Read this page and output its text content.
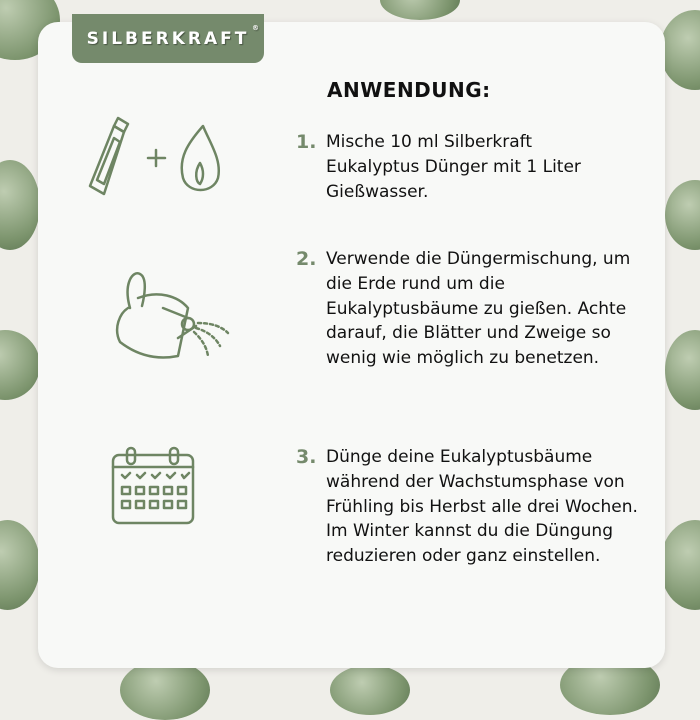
SILBERKRAFT
®
ANWENDUNG:
1. Mische 10 ml Silberkraft Eukalyptus Dünger mit 1 Liter Gießwasser.
2. Verwende die Düngermischung, um die Erde rund um die Eukalyptusbäume zu gießen. Achte darauf, die Blätter und Zweige so wenig wie möglich zu benetzen.
3. Dünge deine Eukalyptusbäume während der Wachstumsphase von Frühling bis Herbst alle drei Wochen. Im Winter kannst du die Düngung reduzieren oder ganz einstellen.
